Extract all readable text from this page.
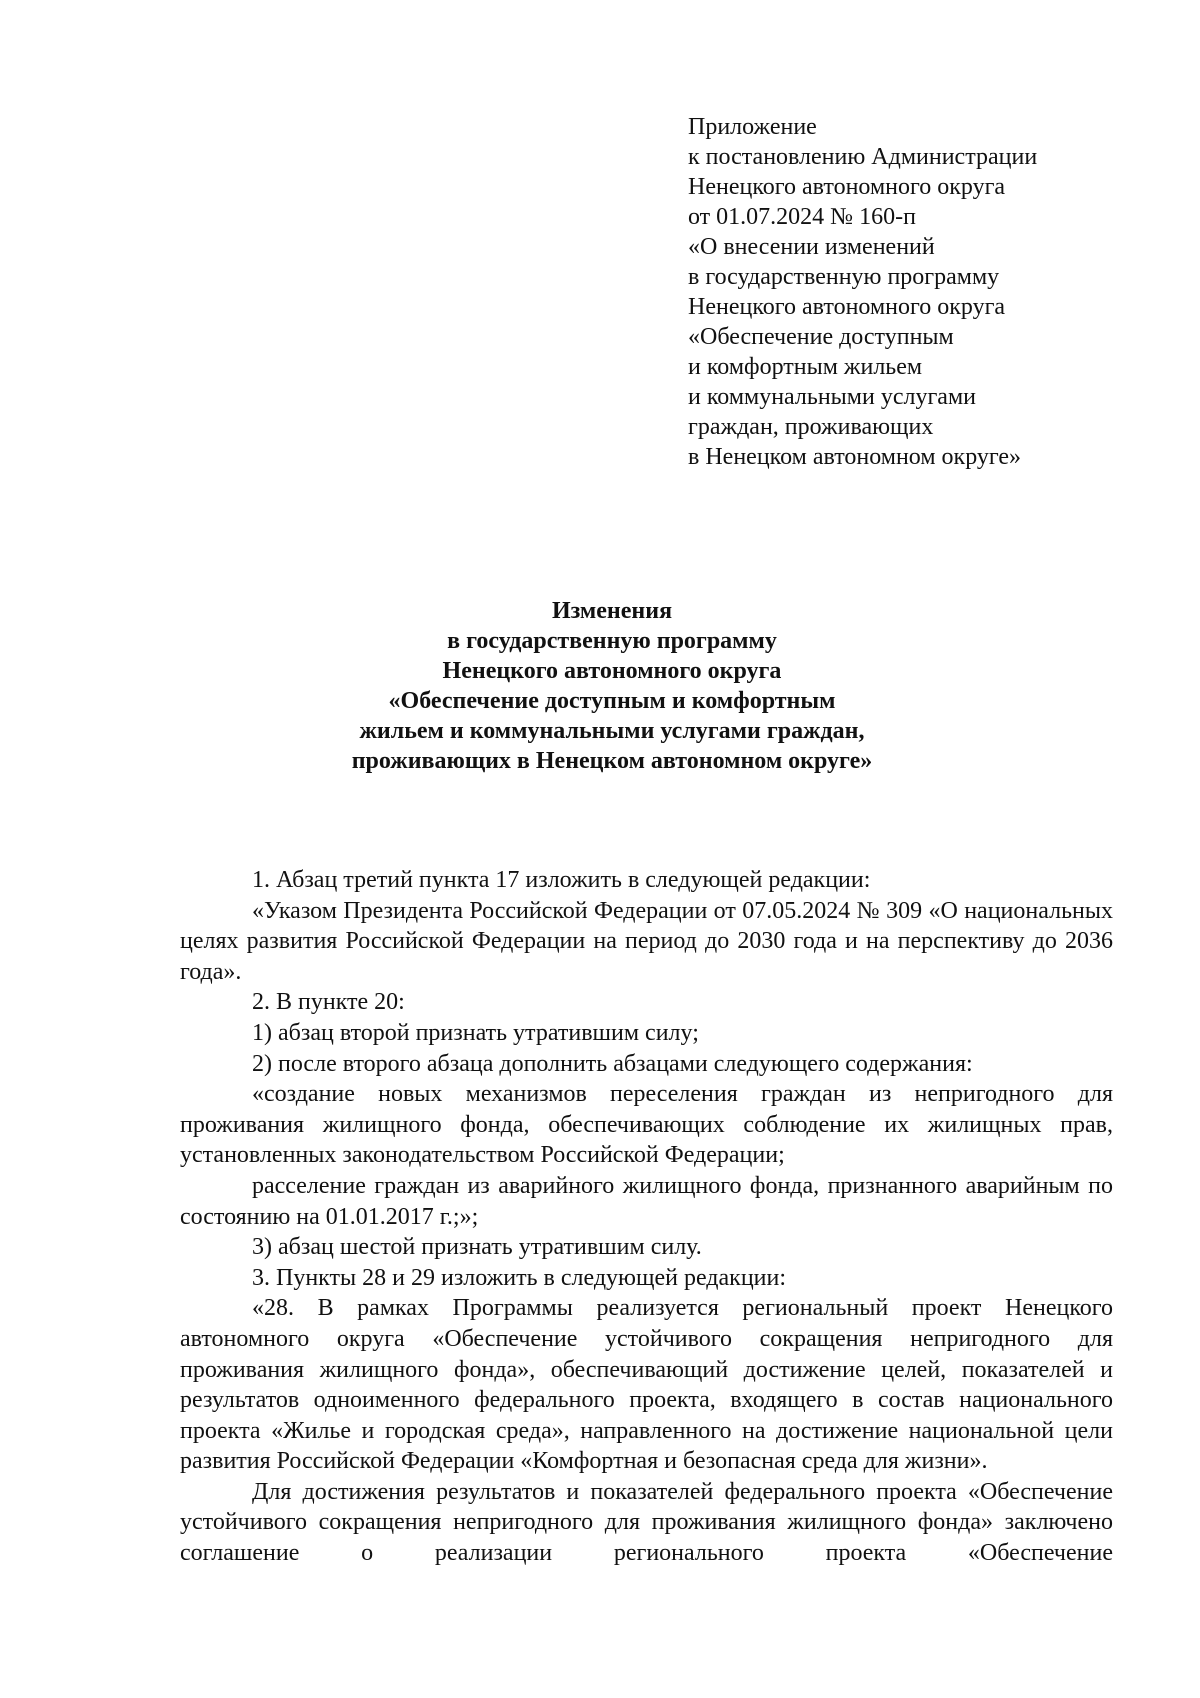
Приложение
к постановлению Администрации
Ненецкого автономного округа
от 01.07.2024 № 160-п
«О внесении изменений
в государственную программу
Ненецкого автономного округа
«Обеспечение доступным
и комфортным жильем
и коммунальными услугами
граждан, проживающих
в Ненецком автономном округе»
Изменения
в государственную программу
Ненецкого автономного округа
«Обеспечение доступным и комфортным
жильем и коммунальными услугами граждан,
проживающих в Ненецком автономном округе»

1. Абзац третий пункта 17 изложить в следующей редакции:

«Указом Президента Российской Федерации от 07.05.2024 № 309 «О национальных целях развития Российской Федерации на период до 2030 года и на перспективу до 2036 года».

2. В пункте 20:

1) абзац второй признать утратившим силу;

2) после второго абзаца дополнить абзацами следующего содержания:

«создание новых механизмов переселения граждан из непригодного для проживания жилищного фонда, обеспечивающих соблюдение их жилищных прав, установленных законодательством Российской Федерации;

расселение граждан из аварийного жилищного фонда, признанного аварийным по состоянию на 01.01.2017 г.;»;

3) абзац шестой признать утратившим силу.

3. Пункты 28 и 29 изложить в следующей редакции:

«28. В рамках Программы реализуется региональный проект Ненецкого автономного округа «Обеспечение устойчивого сокращения непригодного для проживания жилищного фонда», обеспечивающий достижение целей, показателей и результатов одноименного федерального проекта, входящего в состав национального проекта «Жилье и городская среда», направленного на достижение национальной цели развития Российской Федерации «Комфортная и безопасная среда для жизни».

Для достижения результатов и показателей федерального проекта «Обеспечение устойчивого сокращения непригодного для проживания жилищного фонда» заключено соглашение о реализации регионального проекта «Обеспечение
